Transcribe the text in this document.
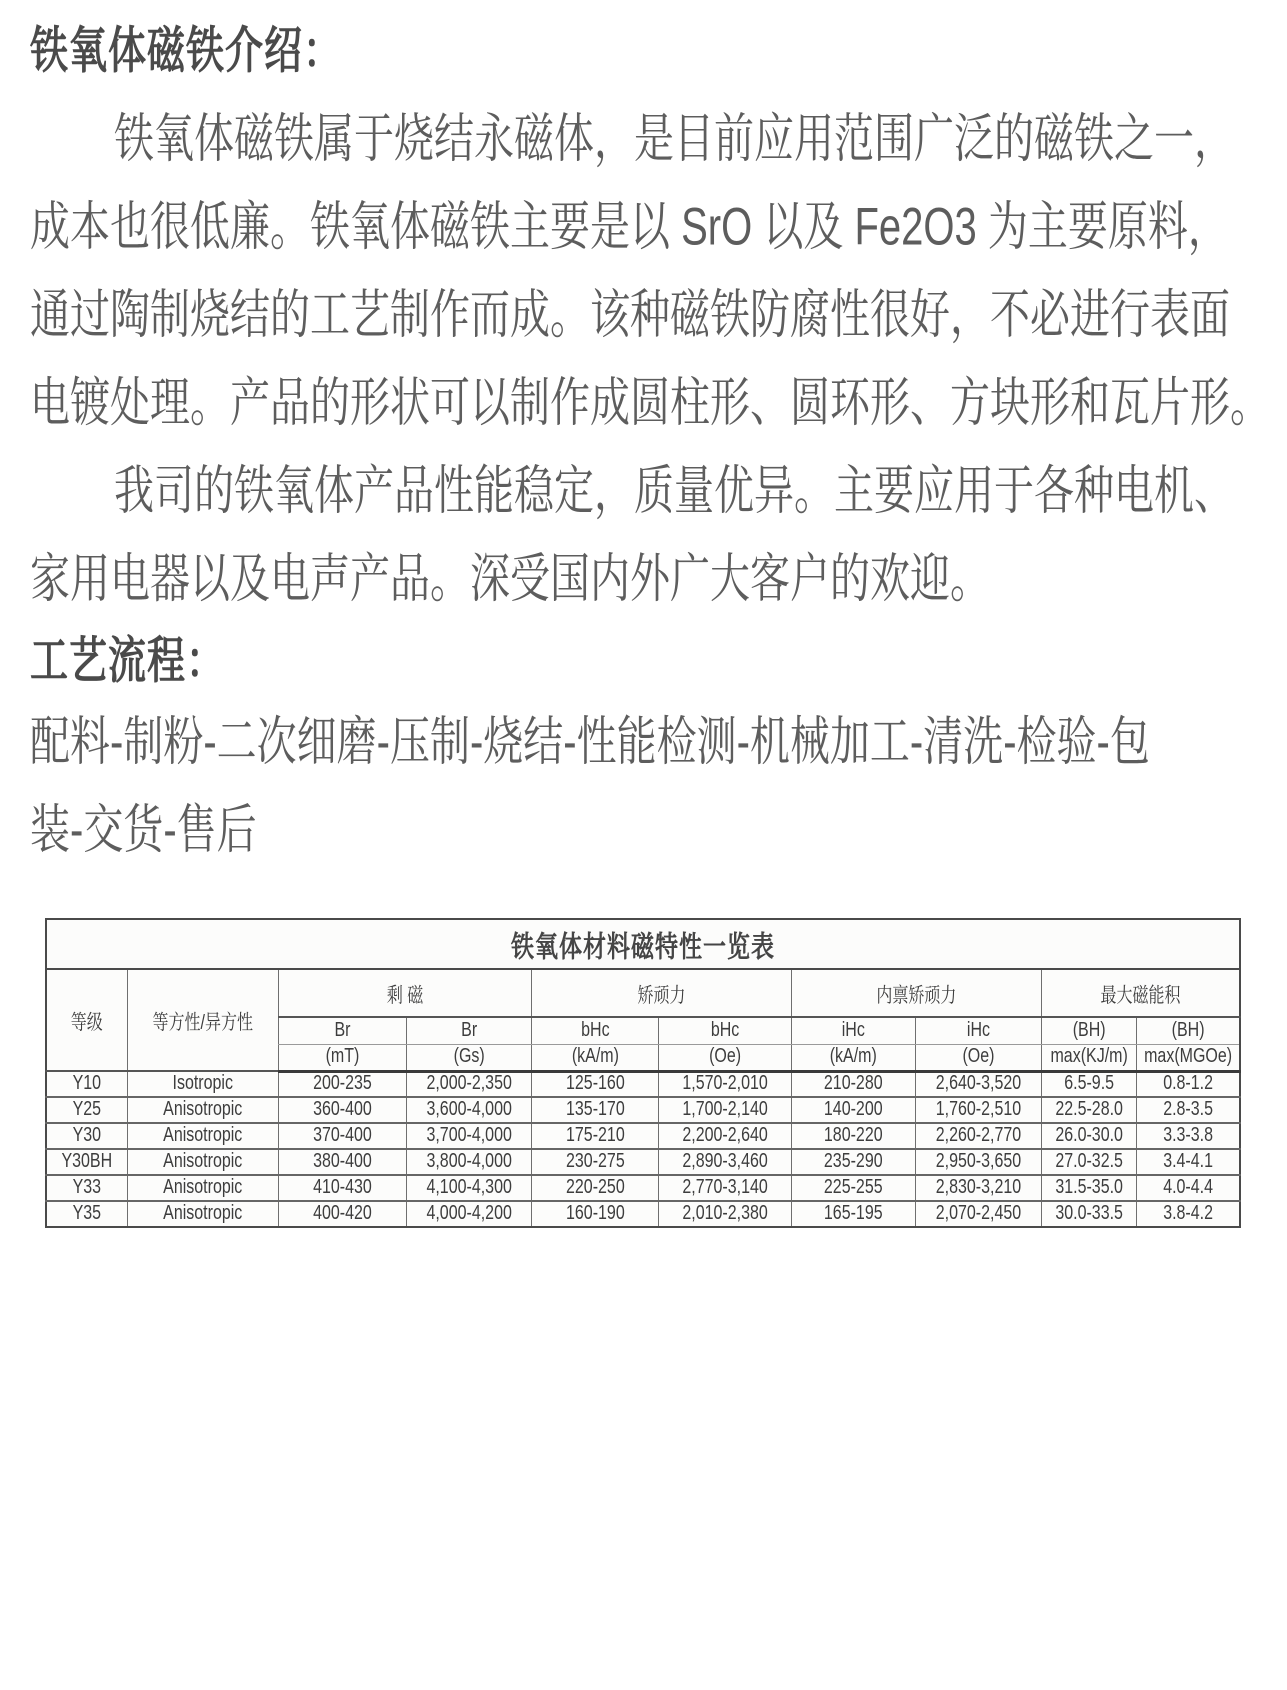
铁氧体磁铁介绍：
铁氧体磁铁属于烧结永磁体，是目前应用范围广泛的磁铁之一，
成本也很低廉。铁氧体磁铁主要是以 SrO 以及 Fe2O3 为主要原料，
通过陶制烧结的工艺制作而成。该种磁铁防腐性很好，不必进行表面
电镀处理。产品的形状可以制作成圆柱形、圆环形、方块形和瓦片形。
我司的铁氧体产品性能稳定，质量优异。主要应用于各种电机、
家用电器以及电声产品。深受国内外广大客户的欢迎。
工艺流程：
配料-制粉-二次细磨-压制-烧结-性能检测-机械加工-清洗-检验-包
装-交货-售后
铁氧体材料磁特性一览表									
等级	等方性/异方性	剩 磁		矫顽力		内禀矫顽力		最大磁能积	
		Br	Br	bHc	bHc	iHc	iHc	(BH)	(BH)
		(mT)	(Gs)	(kA/m)	(Oe)	(kA/m)	(Oe)	max(KJ/m)	max(MGOe)
Y10	Isotropic	200-235	2,000-2,350	125-160	1,570-2,010	210-280	2,640-3,520	6.5-9.5	0.8-1.2
Y25	Anisotropic	360-400	3,600-4,000	135-170	1,700-2,140	140-200	1,760-2,510	22.5-28.0	2.8-3.5
Y30	Anisotropic	370-400	3,700-4,000	175-210	2,200-2,640	180-220	2,260-2,770	26.0-30.0	3.3-3.8
Y30BH	Anisotropic	380-400	3,800-4,000	230-275	2,890-3,460	235-290	2,950-3,650	27.0-32.5	3.4-4.1
Y33	Anisotropic	410-430	4,100-4,300	220-250	2,770-3,140	225-255	2,830-3,210	31.5-35.0	4.0-4.4
Y35	Anisotropic	400-420	4,000-4,200	160-190	2,010-2,380	165-195	2,070-2,450	30.0-33.5	3.8-4.2
